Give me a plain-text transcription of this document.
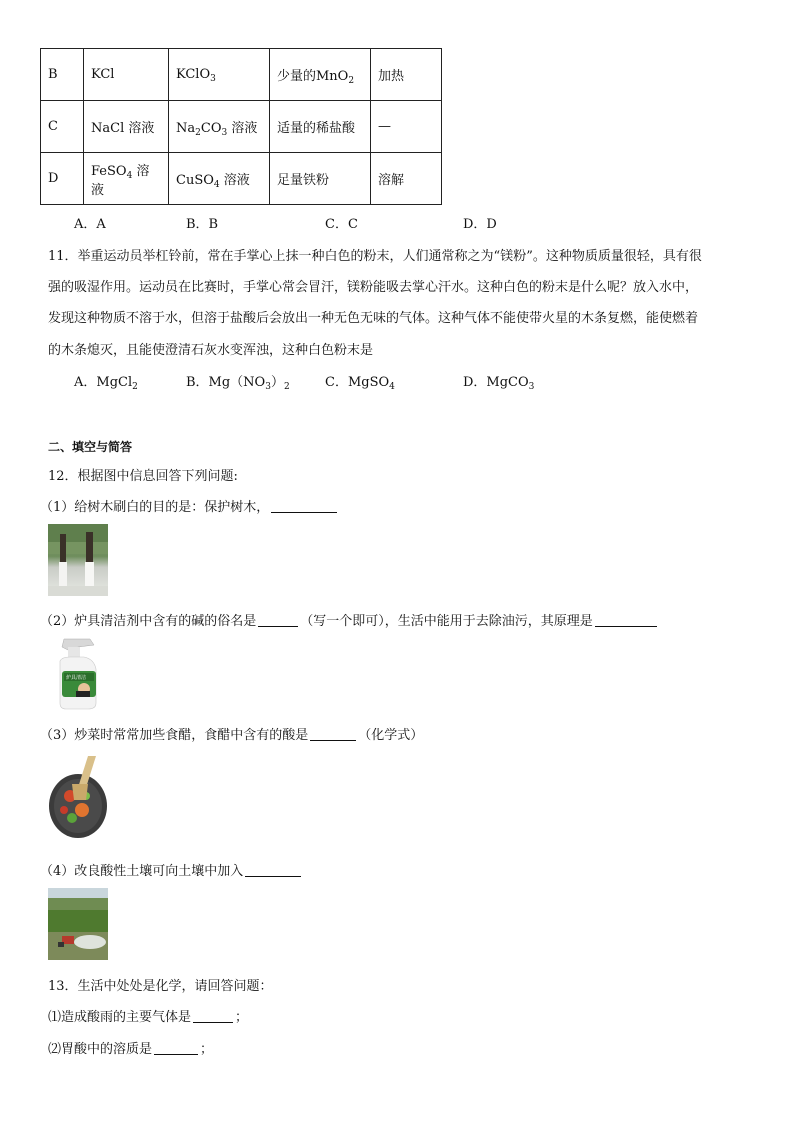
B	KCl	KClO$_3$	少量的MnO$_2$	加热
C	NaCl 溶液	$Na_2CO_3$ 溶液	适量的稀盐酸	—
D	FeSO$_4$ 溶液	CuSO$_4$ 溶液	足量铁粉	溶解
A．A	B．B	C．C	D．D
11．举重运动员举杠铃前，常在手掌心上抹一种白色的粉末，人们通常称之为“镁粉”。这种物质质量很轻，具有很
强的吸湿作用。运动员在比赛时，手掌心常会冒汗，镁粉能吸去掌心汗水。这种白色的粉末是什么呢？放入水中，
发现这种物质不溶于水，但溶于盐酸后会放出一种无色无味的气体。这种气体不能使带火星的木条复燃，能使燃着
的木条熄灭，且能使澄清石灰水变浑浊，这种白色粉末是
A．MgCl$_2$	B．$Mg(NO_3)_2$	C．MgSO$_4$	D．MgCO$_3$
二、填空与简答
12．根据图中信息回答下列问题:
（1）给树木刷白的目的是：保护树木，
（2）炉具清洁剂中含有的碱的俗名是	（写一个即可），生活中能用于去除油污，其原理是
炉具清洁
（3）炒菜时常常加些食醋，食醋中含有的酸是	（化学式）
（4）改良酸性土壤可向土壤中加入
13．生活中处处是化学，请回答问题：
⑴造成酸雨的主要气体是	；
⑵胃酸中的溶质是	；
